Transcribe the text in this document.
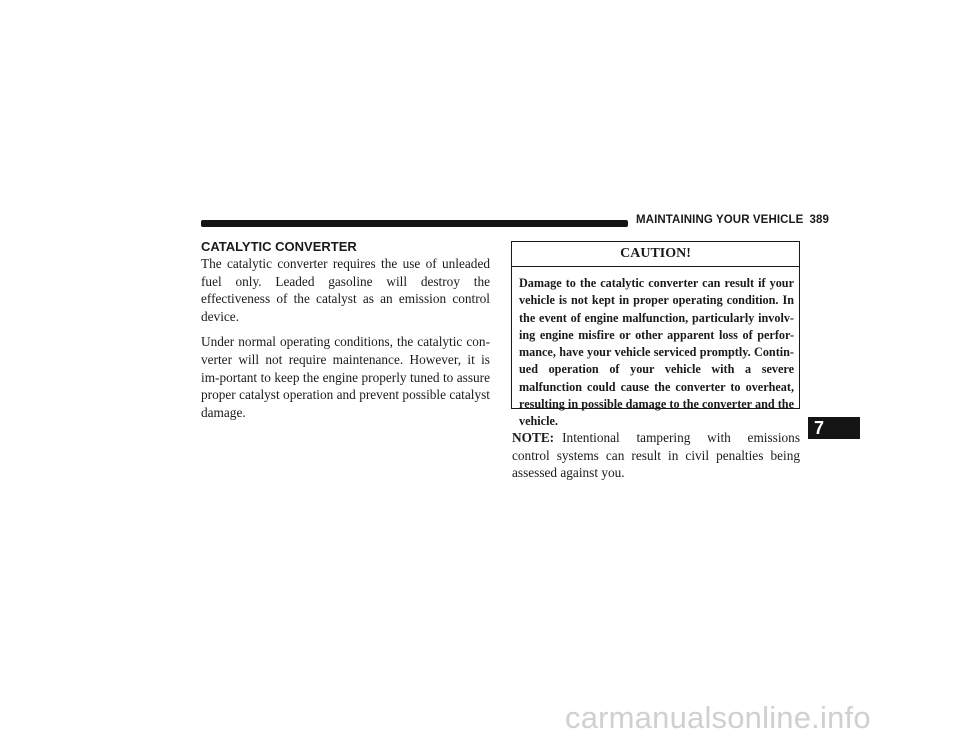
MAINTAINING YOUR VEHICLE 389
CATALYTIC CONVERTER

The catalytic converter requires the use of unleaded fuel only. Leaded gasoline will destroy the effectiveness of the catalyst as an emission control device.

Under normal operating conditions, the catalytic con-verter will not require maintenance. However, it is im-portant to keep the engine properly tuned to assure proper catalyst operation and prevent possible catalyst damage.

CAUTION!
Damage to the catalytic converter can result if your vehicle is not kept in proper operating condition. In the event of engine malfunction, particularly involv-ing engine misfire or other apparent loss of perfor-mance, have your vehicle serviced promptly. Contin-ued operation of your vehicle with a severe malfunction could cause the converter to overheat, resulting in possible damage to the converter and the vehicle.

NOTE: Intentional tampering with emissions control systems can result in civil penalties being assessed against you.

7
carmanualsonline.info
